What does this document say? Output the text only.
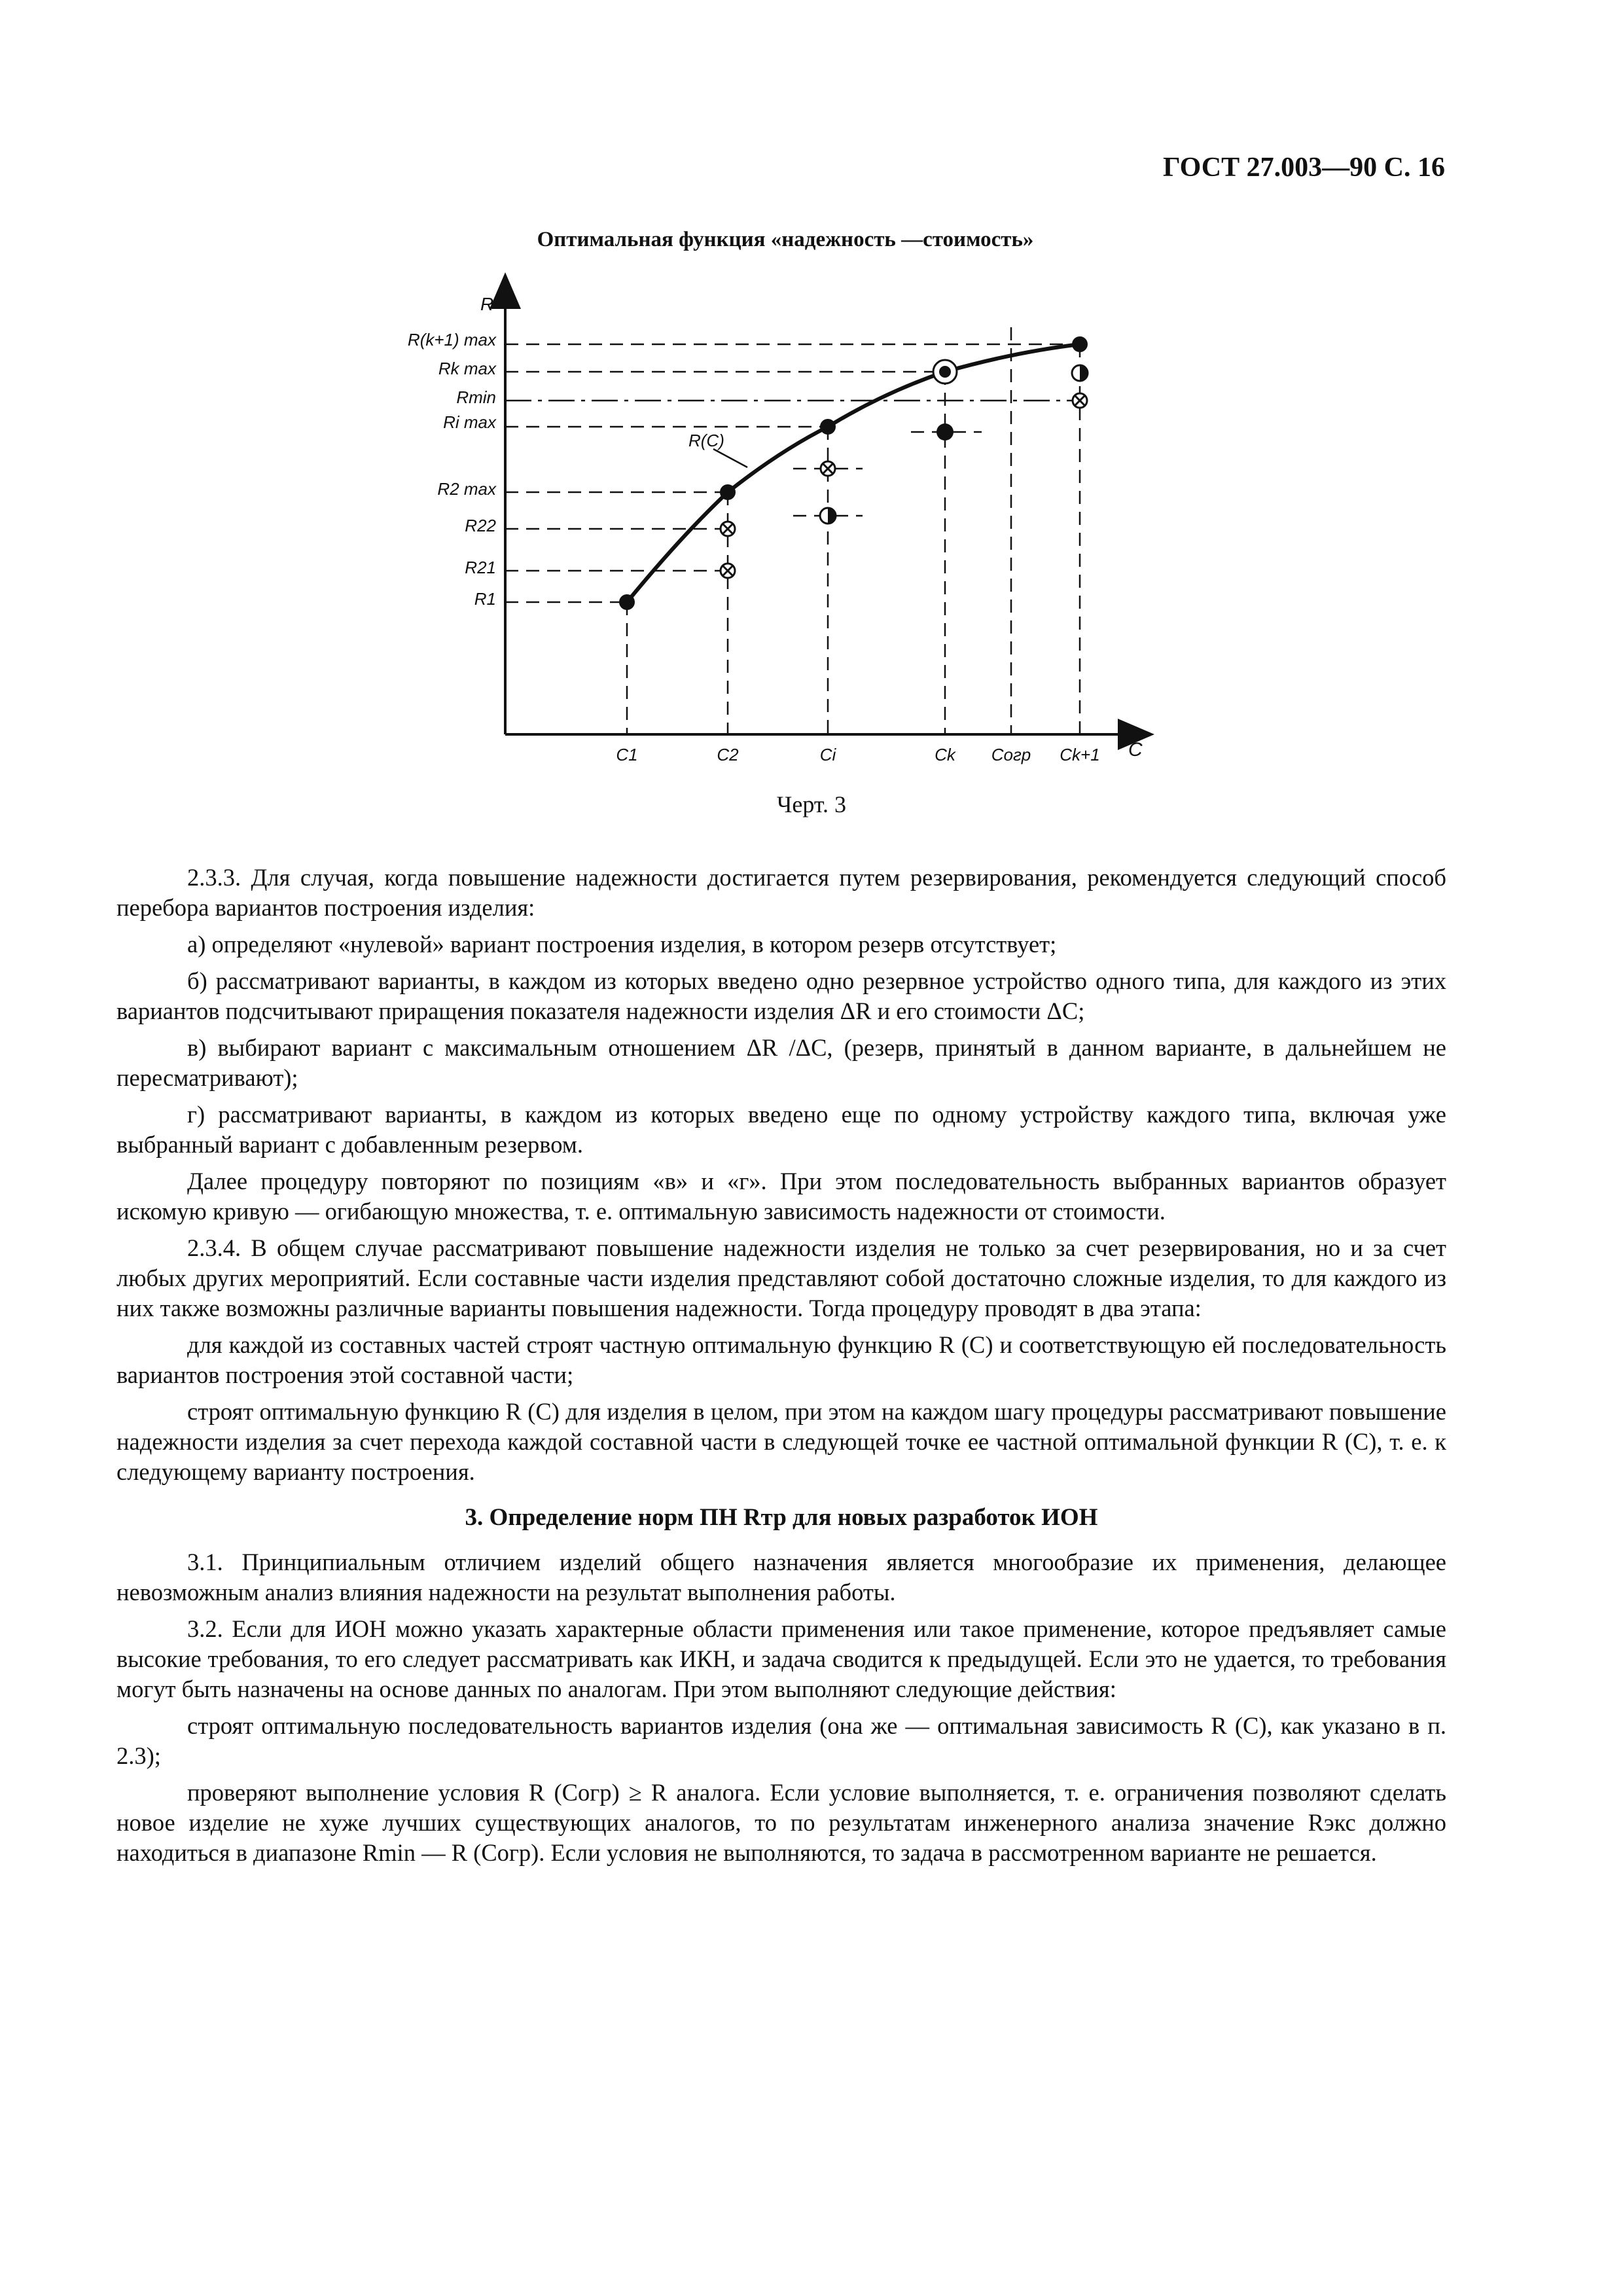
ГОСТ 27.003—90 С. 16
Оптимальная функция «надежность —стоимость»
R
C
R(C)
R(k+1) max
Rk max
Rmin
Ri max
R2 max
R22
R21
R1
C1	C2	Ci	Ck Cогр Ck+1
Черт. 3

2.3.3. Для случая, когда повышение надежности достигается путем резервирования, рекомендуется следующий способ перебора вариантов построения изделия:

а) определяют «нулевой» вариант построения изделия, в котором резерв отсутствует;

б) рассматривают варианты, в каждом из которых введено одно резервное устройство одного типа, для каждого из этих вариантов подсчитывают приращения показателя надежности изделия ΔR и его стоимости ΔC;

в) выбирают вариант с максимальным отношением ΔR /ΔC, (резерв, принятый в данном варианте, в дальнейшем не пересматривают);

г) рассматривают варианты, в каждом из которых введено еще по одному устройству каждого типа, включая уже выбранный вариант с добавленным резервом.

Далее процедуру повторяют по позициям «в» и «г». При этом последовательность выбранных вариантов образует искомую кривую — огибающую множества, т. е. оптимальную зависимость надежности от стоимости.

2.3.4. В общем случае рассматривают повышение надежности изделия не только за счет резервирования, но и за счет любых других мероприятий. Если составные части изделия представляют собой достаточно сложные изделия, то для каждого из них также возможны различные варианты повышения надежности. Тогда процедуру проводят в два этапа:

для каждой из составных частей строят частную оптимальную функцию R (C) и соответствующую ей последовательность вариантов построения этой составной части;

строят оптимальную функцию R (C) для изделия в целом, при этом на каждом шагу процедуры рассматривают повышение надежности изделия за счет перехода каждой составной части в следующей точке ее частной оптимальной функции R (C), т. е. к следующему варианту построения.

3. Определение норм ПН Rтр для новых разработок ИОН

3.1. Принципиальным отличием изделий общего назначения является многообразие их применения, делающее невозможным анализ влияния надежности на результат выполнения работы.

3.2. Если для ИОН можно указать характерные области применения или такое применение, которое предъявляет самые высокие требования, то его следует рассматривать как ИКН, и задача сводится к предыдущей. Если это не удается, то требования могут быть назначены на основе данных по аналогам. При этом выполняют следующие действия:

строят оптимальную последовательность вариантов изделия (она же — оптимальная зависимость R (C), как указано в п. 2.3);

проверяют выполнение условия R (Cогр) ≥ R аналога. Если условие выполняется, т. е. ограничения позволяют сделать новое изделие не хуже лучших существующих аналогов, то по результатам инженерного анализа значение Rэкс должно находиться в диапазоне Rmin — R (Cогр). Если условия не выполняются, то задача в рассмотренном варианте не решается.
